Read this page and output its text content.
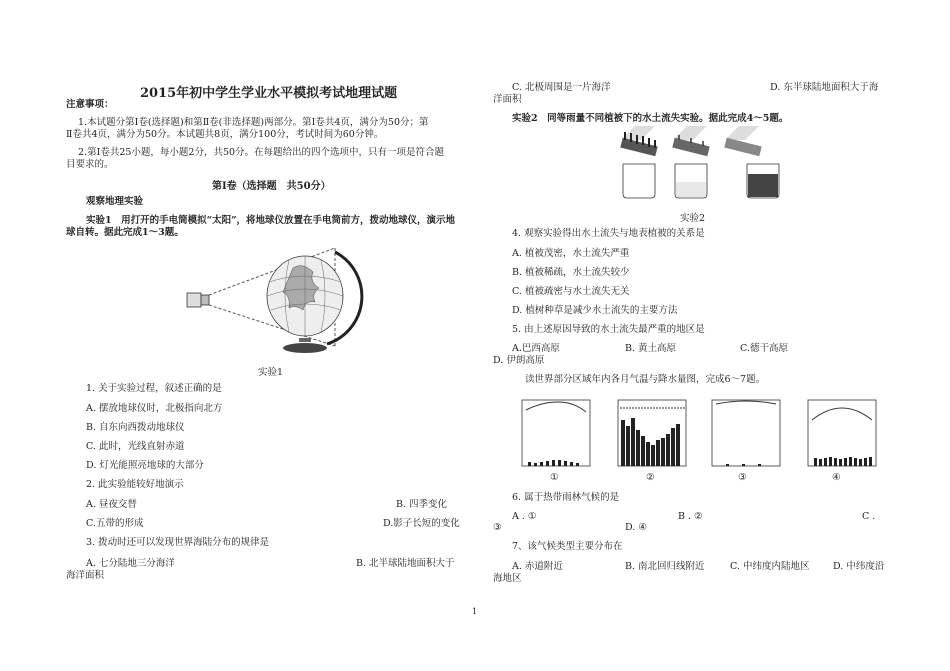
2015年初中学生学业水平模拟考试地理试题
注意事项：
1.本试题分第Ⅰ卷(选择题)和第Ⅱ卷(非选择题)两部分。第Ⅰ卷共4页，满分为50分；第
Ⅱ卷共4页，满分为50分。本试题共8页，满分100分，考试时间为60分钟。
2.第Ⅰ卷共25小题，每小题2分，共50分。在每题给出的四个选项中，只有一项是符合题
目要求的。
第Ⅰ卷（选择题　共50分）
观察地理实验
实验1　用打开的手电筒模拟“太阳”，将地球仪放置在手电筒前方，拨动地球仪，演示地
球自转。据此完成1～3题。
实验1
1. 关于实验过程，叙述正确的是
A. 摆放地球仪时，北极指向北方
B. 自东向西拨动地球仪
C. 此时，光线直射赤道
D. 灯光能照亮地球的大部分
2. 此实验能较好地演示
A. 昼夜交替	B. 四季变化
C.五带的形成	D.影子长短的变化
3. 拨动时还可以发现世界海陆分布的规律是
A. 七分陆地三分海洋	B. 北半球陆地面积大于
海洋面积
C. 北极周围是一片海洋	D. 东半球陆地面积大于海
洋面积
实验2　同等雨量不同植被下的水土流失实验。据此完成4～5题。
实验2
4. 观察实验得出水土流失与地表植被的关系是
A. 植被茂密，水土流失严重
B. 植被稀疏，水土流失较少
C. 植被疏密与水土流失无关
D. 植树种草是减少水土流失的主要方法
5. 由上述原因导致的水土流失最严重的地区是
A.巴西高原	B. 黄土高原	C.德干高原
D. 伊朗高原
读世界部分区域年内各月气温与降水量图，完成6～7题。
①	②	③	④
6. 属于热带雨林气候的是
A . ①	B . ②	C .
③	D. ④
7、该气候类型主要分布在
A. 赤道附近	B. 南北回归线附近	C. 中纬度内陆地区 D. 中纬度沿
海地区
1
